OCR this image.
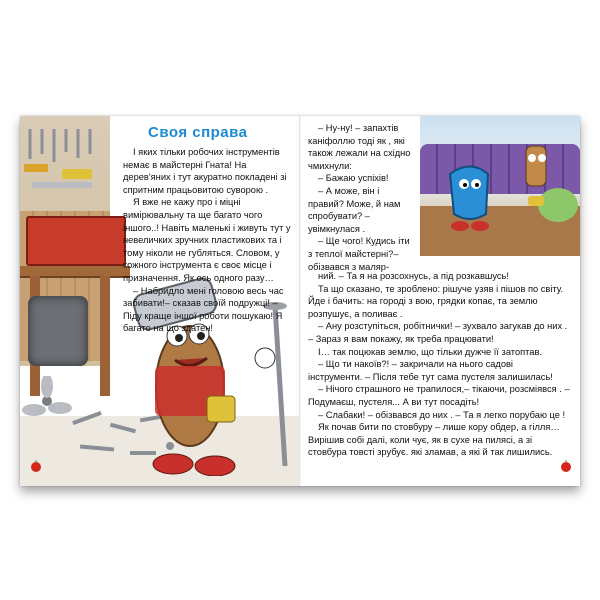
Своя справа

І яких тільки робочих інструментів немає в майстерні Гната! На дерев'яних і тут акуратно покладені зі спритним працьовитою суворою .

Я вже не кажу про і міцні вимірювальну та ще багато чого іншого..! Навіть маленькі і живуть тут у невеличких зручних пластикових та і тому ніколи не губляться. Словом, у кожного інструмента є своє місце і призначення. Як ось одного разу…

– Набридло мені головою весь час забивати!– сказав своїй подружці! – Піду краще іншої роботи пошукаю! Я багато на що здатен!

– Ну-ну! – запахтів каніфоллю тоді як , які також лежали на східно чмихнули:

– Бажаю успіхів!

– А може, він і правий? Може, й нам спробувати? – увімкнулася .

– Ще чого! Кудись іти з теплої майстерні?– обізвався з маляр-

ний. – Та я на розсохнусь, а під розкавшусь!

Та що сказано, те зроблено: рішуче узяв і пішов по світу. Йде і бачить: на городі з вою, грядки копає, та землю розпушує, а поливає .

– Ану розступіться, робітнички! – зухвало загукав до них . – Зараз я вам покажу, як треба працювати!

І… так поцюкав землю, що тільки дужче її затоптав.

– Що ти накоїв?! – закричали на нього садові інструменти. – Після тебе тут сама пустеля залишилась!

– Нічого страшного не трапилося,– тікаючи, розсміявся . – Подумаєш, пустеля... А ви тут посадіть!

– Слабаки! – обізвався до них . – Та я легко порубаю це !

Як почав бити по стовбуру – лише кору обдер, а гілля… Вирішив собі далі, коли чує, як в сухе на пилясі, а зі стовбура товсті зрубує. які зламав, а які й так лишились.
